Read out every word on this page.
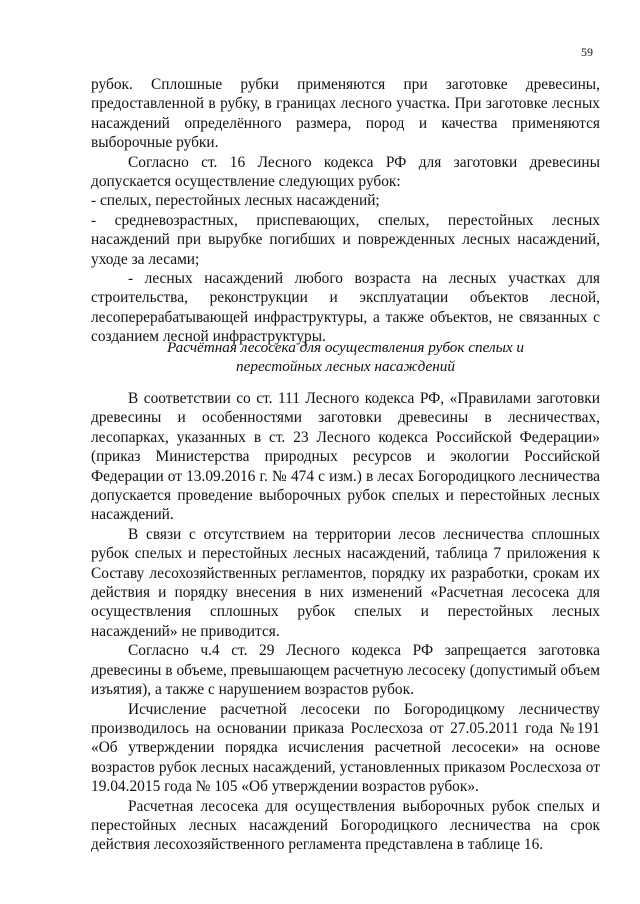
59

рубок. Сплошные рубки применяются при заготовке древесины, предоставленной в рубку, в границах лесного участка. При заготовке лесных насаждений определённого размера, пород и качества применяются выборочные рубки.

Согласно ст. 16 Лесного кодекса РФ для заготовки древесины допускается осуществление следующих рубок:

- спелых, перестойных лесных насаждений;

- средневозрастных, приспевающих, спелых, перестойных лесных насаждений при вырубке погибших и поврежденных лесных насаждений, уходе за лесами;

- лесных насаждений любого возраста на лесных участках для строительства, реконструкции и эксплуатации объектов лесной, лесоперерабатывающей инфраструктуры, а также объектов, не связанных с созданием лесной инфраструктуры.

Расчётная лесосека для осуществления рубок спелых и
перестойных лесных насаждений

В соответствии со ст. 111 Лесного кодекса РФ, «Правилами заготовки древесины и особенностями заготовки древесины в лесничествах, лесопарках, указанных в ст. 23 Лесного кодекса Российской Федерации» (приказ Министерства природных ресурсов и экологии Российской Федерации от 13.09.2016 г. № 474 с изм.) в лесах Богородицкого лесничества допускается проведение выборочных рубок спелых и перестойных лесных насаждений.

В связи с отсутствием на территории лесов лесничества сплошных рубок спелых и перестойных лесных насаждений, таблица 7 приложения к Составу лесохозяйственных регламентов, порядку их разработки, срокам их действия и порядку внесения в них изменений «Расчетная лесосека для осуществления сплошных рубок спелых и перестойных лесных насаждений» не приводится.

Согласно ч.4 ст. 29 Лесного кодекса РФ запрещается заготовка древесины в объеме, превышающем расчетную лесосеку (допустимый объем изъятия), а также с нарушением возрастов рубок.

Исчисление расчетной лесосеки по Богородицкому лесничеству производилось на основании приказа Рослесхоза от 27.05.2011 года №191 «Об утверждении порядка исчисления расчетной лесосеки» на основе возрастов рубок лесных насаждений, установленных приказом Рослесхоза от 19.04.2015 года № 105 «Об утверждении возрастов рубок».

Расчетная лесосека для осуществления выборочных рубок спелых и перестойных лесных насаждений Богородицкого лесничества на срок действия лесохозяйственного регламента представлена в таблице 16.
